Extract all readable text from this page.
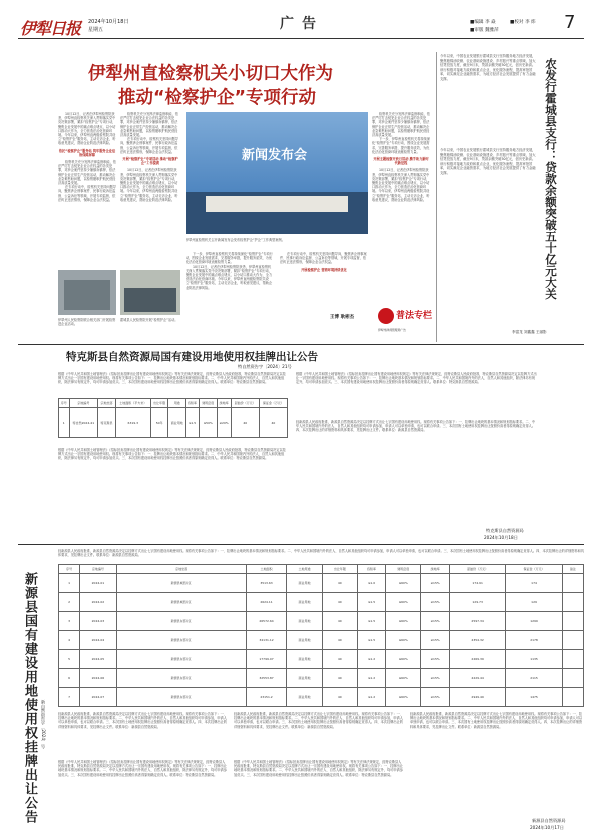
伊犁日报 2024年10月18日
星期五	广告	■编辑 李 焱	■校对 李 炜
■审版 魏雅萍	7
伊犁州直检察机关小切口大作为
推动“检察护企”专项行动

10月12日，记者在伊犁州检察院获悉，伊犁州直检察机关深入贯彻落实党中央决策部署，紧扣“检察护企”专项行动，聚焦企业发展中的痛点难点堵点，以小切口推动大作为，全力营造法治化营商环境。今年以来，伊犁州直两级检察院共设立“检察护企”服务站，主动走访企业，听取意见建议，帮助企业防范法律风险。

依托“检察护企”服务站 筑牢服务企业法治保障屏障

检察机关充分发挥法律监督职能，依法严厉打击侵犯企业合法权益的各类犯罪，对涉企案件坚持少捕慎诉慎押，依法保护企业正常生产经营活动，推动解决企业急难愁盼问题，以检察履职护航民营经济高质量发展。

在专项行动中，检察机关坚持问题导向，聚焦涉企刑事案件、民事行政诉讼监督、公益诉讼等领域，开展专项监督，依法纠正违法情形，保障企业合法权益。

伊犁州人民检察院联合相关部门开展检察进企业活动。

检察机关充分发挥法律监督职能，依法严厉打击侵犯企业合法权益的各类犯罪，对涉企案件坚持少捕慎诉慎押，依法保护企业正常生产经营活动，推动解决企业急难愁盼问题，以检察履职护航民营经济高质量发展。

在专项行动中，检察机关坚持问题导向，聚焦涉企刑事案件、民事行政诉讼监督、公益诉讼等领域，开展专项监督，依法纠正违法情形，保障企业合法权益。

开展“检察护企”专项活动 推动“检察护企”工作提质

10月12日，记者在伊犁州检察院获悉，伊犁州直检察机关深入贯彻落实党中央决策部署，紧扣“检察护企”专项行动，聚焦企业发展中的痛点难点堵点，以小切口推动大作为，全力营造法治化营商环境。今年以来，伊犁州直两级检察院共设立“检察护企”服务站，主动走访企业，听取意见建议，帮助企业防范法律风险。

霍城县人民检察院开展“检察护企”活动。
新闻发布会
伊犁州直检察机关召开新闻发布会发布检察护企“护企”工作典型案例。

下一步，伊犁州直检察机关将持续深化“检察护企”专项行动，围绕企业发展需求，完善服务举措，提升服务质效，为优化法治化营商环境贡献检察力量。

10月12日，记者在伊犁州检察院获悉，伊犁州直检察机关深入贯彻落实党中央决策部署，紧扣“检察护企”专项行动，聚焦企业发展中的痛点难点堵点，以小切口推动大作为，全力营造法治化营商环境。今年以来，伊犁州直两级检察院共设立“检察护企”服务站，主动走访企业，听取意见建议，帮助企业防范法律风险。

在专项行动中，检察机关坚持问题导向，聚焦涉企刑事案件、民事行政诉讼监督、公益诉讼等领域，开展专项监督，依法纠正违法情形，保障企业合法权益。

开展检察护企 营商环境持续优化

检察机关充分发挥法律监督职能，依法严厉打击侵犯企业合法权益的各类犯罪，对涉企案件坚持少捕慎诉慎押，依法保护企业正常生产经营活动，推动解决企业急难愁盼问题，以检察履职护航民营经济高质量发展。

下一步，伊犁州直检察机关将持续深化“检察护企”专项行动，围绕企业发展需求，完善服务举措，提升服务质效，为优化法治化营商环境贡献检察力量。

开展主题检察开放日活动 携手助力新时代新征程

10月12日，记者在伊犁州检察院获悉，伊犁州直检察机关深入贯彻落实党中央决策部署，紧扣“检察护企”专项行动，聚焦企业发展中的痛点难点堵点，以小切口推动大作为，全力营造法治化营商环境。今年以来，伊犁州直两级检察院共设立“检察护企”服务站，主动走访企业，听取意见建议，帮助企业防范法律风险。

王博 耿彬杰	普法专栏
伊犁州律师管理局广告
今年以来，中国农业发展银行霍城县支行坚持服务地方经济发展，聚焦粮棉油收储、农业基础设施建设、乡村振兴等重点领域，加大信贷投放力度，截至9月末，贷款余额突破50亿元，创历史新高。该行积极对接地方政府和重点企业，优化服务流程，提高审批效率，切实满足企业融资需求，为地方经济社会发展提供了有力金融支撑。
今年以来，中国农业发展银行霍城县支行坚持服务地方经济发展，聚焦粮棉油收储、农业基础设施建设、乡村振兴等重点领域，加大信贷投放力度，截至9月末，贷款余额突破50亿元，创历史新高。该行积极对接地方政府和重点企业，优化服务流程，提高审批效率，切实满足企业融资需求，为地方经济社会发展提供了有力金融支撑。	农发行霍城县支行：贷款余额突破五十亿元大关
李富龙 刘鑫鑫 王丽影
特克斯县自然资源局国有建设用地使用权挂牌出让公告
特自然资告字〔2024〕21号
根据《中华人民共和国土地管理法》《招标拍卖挂牌出让国有建设用地使用权规定》等有关法律法规规定，经特克斯县人民政府批准，特克斯县自然资源局决定以挂牌方式出让一宗国有建设用地使用权。现将有关事项公告如下：一、挂牌出让地块基本情况和规划指标要求。二、中华人民共和国境内外的法人、自然人和其他组织，除法律另有规定外，均可申请参加竞买。三、本次国有建设用地使用权挂牌出让按照价高者得原则确定竞得人。联系单位：特克斯县自然资源局。
序号	宗地编号	宗地坐落	土地面积（平方米）	出让年限	用途	容积率	建筑密度	绿地率	起始价（万元）	保证金（万元）
1	特自然2024-41	特克斯县	6319.3	50年	商业用地	≤1.5	≤50%	≥20%	40	40
根据《中华人民共和国土地管理法》《招标拍卖挂牌出让国有建设用地使用权规定》等有关法律法规规定，经特克斯县人民政府批准，特克斯县自然资源局决定以挂牌方式出让一宗国有建设用地使用权。现将有关事项公告如下：一、挂牌出让地块基本情况和规划指标要求。二、中华人民共和国境内外的法人、自然人和其他组织，除法律另有规定外，均可申请参加竞买。三、本次国有建设用地使用权挂牌出让按照价高者得原则确定竞得人。联系单位：特克斯县自然资源局。
根据《中华人民共和国土地管理法》《招标拍卖挂牌出让国有建设用地使用权规定》等有关法律法规规定，经特克斯县人民政府批准，特克斯县自然资源局决定以挂牌方式出让一宗国有建设用地使用权。现将有关事项公告如下：一、挂牌出让地块基本情况和规划指标要求。二、中华人民共和国境内外的法人、自然人和其他组织，除法律另有规定外，均可申请参加竞买。三、本次国有建设用地使用权挂牌出让按照价高者得原则确定竞得人。联系单位：特克斯县自然资源局。
经新源县人民政府批准，新源县自然资源局决定以挂牌方式出让七宗国有建设用地使用权。现将有关事项公告如下：一、挂牌出让地块的基本情况和规划指标要求。二、中华人民共和国境内外的法人、自然人和其他组织均可申请参加，申请人可以单独申请，也可以联合申请。三、本次国有土地使用权挂牌出让按照价高者得原则确定竞得人。四、本次挂牌出让的详细资料和具体要求，见挂牌出让文件。联系单位：新源县自然资源局。
特克斯县自然资源局
2024年10月18日
新源县国有建设用地使用权挂牌出让公告 新自然资告字〔2024〕号
经新源县人民政府批准，新源县自然资源局决定以挂牌方式出让七宗国有建设用地使用权。现将有关事项公告如下：一、挂牌出让地块的基本情况和规划指标要求。二、中华人民共和国境内外的法人、自然人和其他组织均可申请参加，申请人可以单独申请，也可以联合申请。三、本次国有土地使用权挂牌出让按照价高者得原则确定竞得人。四、本次挂牌出让的详细资料和具体要求，见挂牌出让文件。联系单位：新源县自然资源局。
序号	宗地编号	宗地坐落	土地面积	土地用途	出让年限	容积率	建筑密度	绿地率	起始价（万元）	保证金（万元）	备注
1	2024-01	新源县城西片区	3513.63	商业用地	40	≤1.0	≤60%	≥15%	174.91	174	
2	2024-02	新源县城西片区	2624.11	商业用地	40	≤1.5	≤60%	≥15%	129.73	129	
3	2024-03	新源县东部片区	26572.64	商业用地	40	≤1.5	≤60%	≥15%	2597.34	1299	
4	2024-04	新源县东部片区	34131.12	商业用地	40	≤1.5	≤60%	≥15%	4354.32	2178	
5	2024-05	新源县东部片区	17799.07	商业用地	40	≤1.2	≤60%	≥15%	2269.39	1135	
6	2024-06	新源县东部片区	32553.87	商业用地	40	≤1.2	≤60%	≥15%	4229.44	2115	
7	2024-07	新源县东部片区	23151.2	商业用地	40	≤1.2	≤60%	≥15%	2949.49	1475	
经新源县人民政府批准，新源县自然资源局决定以挂牌方式出让七宗国有建设用地使用权。现将有关事项公告如下：一、挂牌出让地块的基本情况和规划指标要求。二、中华人民共和国境内外的法人、自然人和其他组织均可申请参加，申请人可以单独申请，也可以联合申请。三、本次国有土地使用权挂牌出让按照价高者得原则确定竞得人。四、本次挂牌出让的详细资料和具体要求，见挂牌出让文件。联系单位：新源县自然资源局。
根据《中华人民共和国土地管理法》《招标拍卖挂牌出让国有建设用地使用权规定》等有关法律法规规定，经特克斯县人民政府批准，特克斯县自然资源局决定以挂牌方式出让一宗国有建设用地使用权。现将有关事项公告如下：一、挂牌出让地块基本情况和规划指标要求。二、中华人民共和国境内外的法人、自然人和其他组织，除法律另有规定外，均可申请参加竞买。三、本次国有建设用地使用权挂牌出让按照价高者得原则确定竞得人。联系单位：特克斯县自然资源局。
经新源县人民政府批准，新源县自然资源局决定以挂牌方式出让七宗国有建设用地使用权。现将有关事项公告如下：一、挂牌出让地块的基本情况和规划指标要求。二、中华人民共和国境内外的法人、自然人和其他组织均可申请参加，申请人可以单独申请，也可以联合申请。三、本次国有土地使用权挂牌出让按照价高者得原则确定竞得人。四、本次挂牌出让的详细资料和具体要求，见挂牌出让文件。联系单位：新源县自然资源局。
根据《中华人民共和国土地管理法》《招标拍卖挂牌出让国有建设用地使用权规定》等有关法律法规规定，经特克斯县人民政府批准，特克斯县自然资源局决定以挂牌方式出让一宗国有建设用地使用权。现将有关事项公告如下：一、挂牌出让地块基本情况和规划指标要求。二、中华人民共和国境内外的法人、自然人和其他组织，除法律另有规定外，均可申请参加竞买。三、本次国有建设用地使用权挂牌出让按照价高者得原则确定竞得人。联系单位：特克斯县自然资源局。
经新源县人民政府批准，新源县自然资源局决定以挂牌方式出让七宗国有建设用地使用权。现将有关事项公告如下：一、挂牌出让地块的基本情况和规划指标要求。二、中华人民共和国境内外的法人、自然人和其他组织均可申请参加，申请人可以单独申请，也可以联合申请。三、本次国有土地使用权挂牌出让按照价高者得原则确定竞得人。四、本次挂牌出让的详细资料和具体要求，见挂牌出让文件。联系单位：新源县自然资源局。
新源县自然资源局
2024年10月17日
